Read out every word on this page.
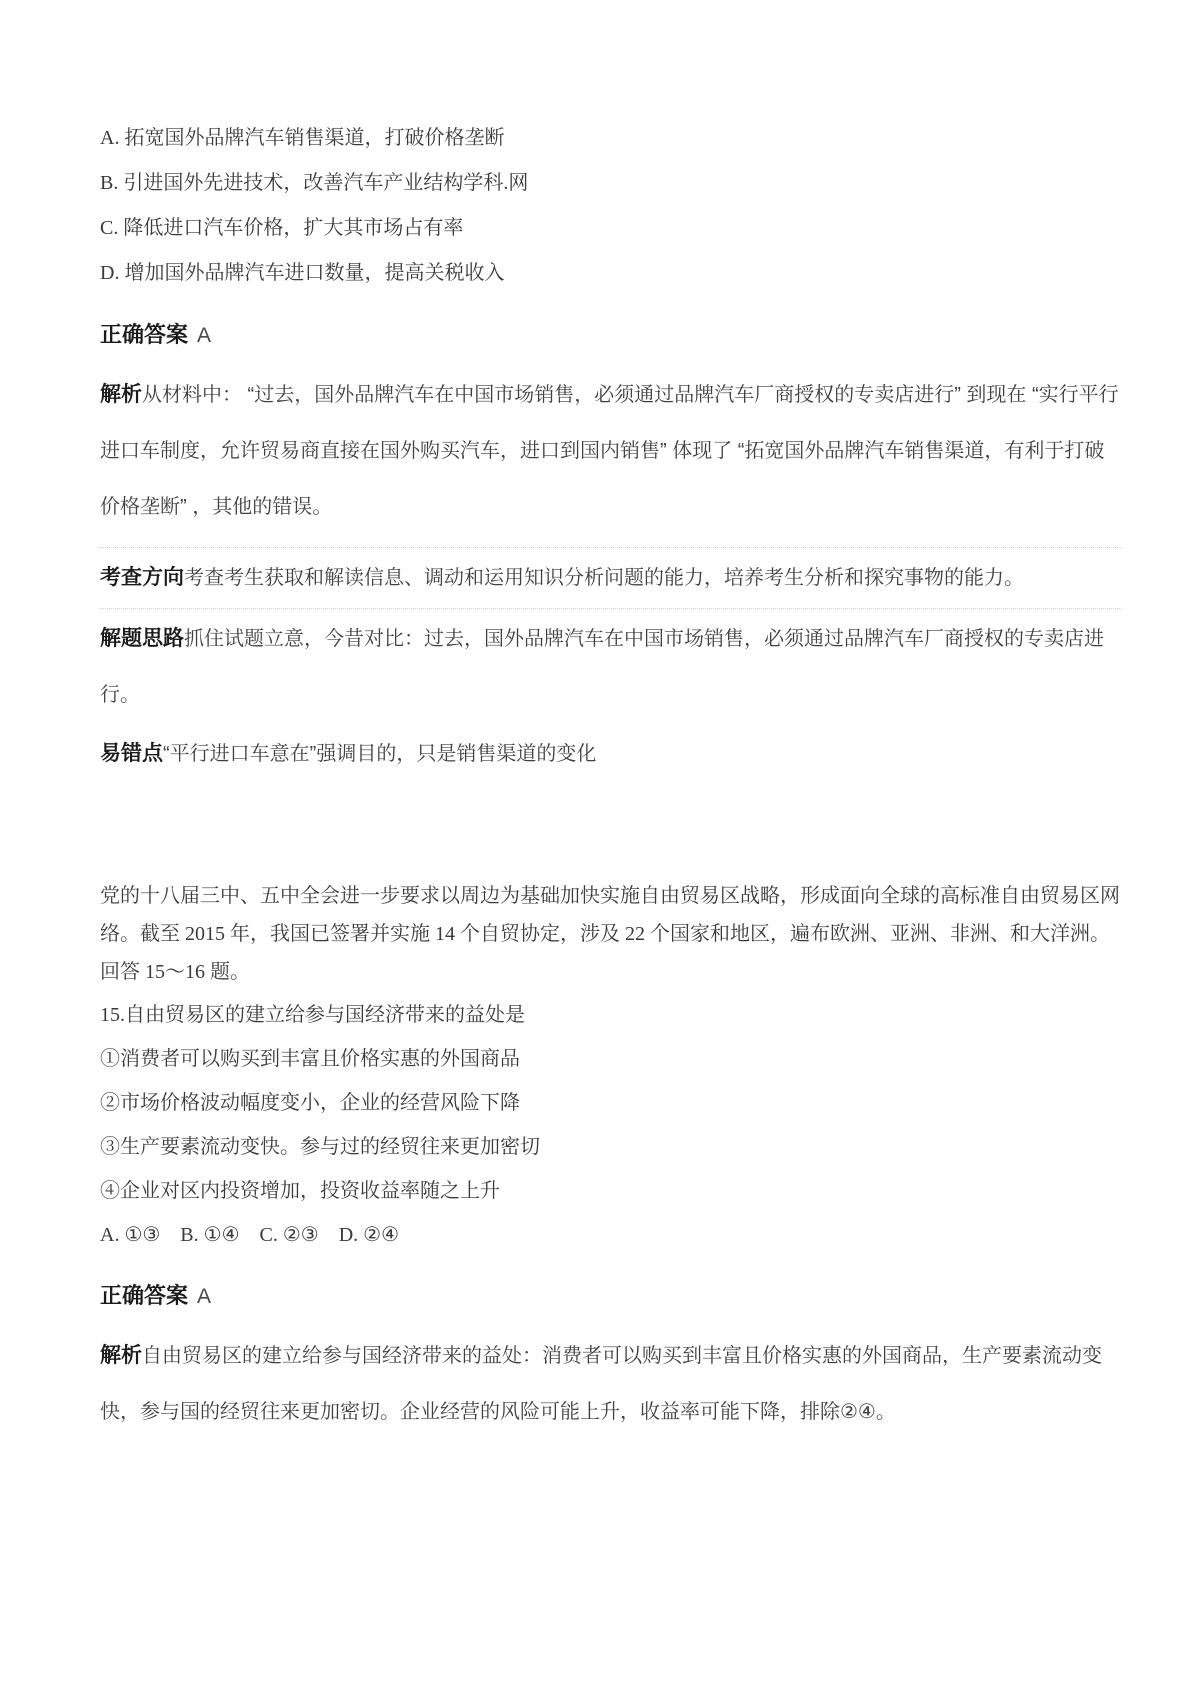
A. 拓宽国外品牌汽车销售渠道，打破价格垄断

B. 引进国外先进技术，改善汽车产业结构学科.网

C. 降低进口汽车价格，扩大其市场占有率

D. 增加国外品牌汽车进口数量，提高关税收入

正确答案 A

解析从材料中： “过去，国外品牌汽车在中国市场销售，必须通过品牌汽车厂商授权的专卖店进行” 到现在 “实行平行进口车制度，允许贸易商直接在国外购买汽车，进口到国内销售” 体现了 “拓宽国外品牌汽车销售渠道，有利于打破价格垄断” ，其他的错误。

考查方向考查考生获取和解读信息、调动和运用知识分析问题的能力，培养考生分析和探究事物的能力。

解题思路抓住试题立意，今昔对比：过去，国外品牌汽车在中国市场销售，必须通过品牌汽车厂商授权的专卖店进行。

易错点“平行进口车意在”强调目的，只是销售渠道的变化

党的十八届三中、五中全会进一步要求以周边为基础加快实施自由贸易区战略，形成面向全球的高标准自由贸易区网络。截至 2015 年，我国已签署并实施 14 个自贸协定，涉及 22 个国家和地区，遍布欧洲、亚洲、非洲、和大洋洲。回答 15～16 题。

15.自由贸易区的建立给参与国经济带来的益处是

①消费者可以购买到丰富且价格实惠的外国商品

②市场价格波动幅度变小，企业的经营风险下降

③生产要素流动变快。参与过的经贸往来更加密切

④企业对区内投资增加，投资收益率随之上升

A. ①③    B. ①④    C. ②③    D. ②④

正确答案 A

解析自由贸易区的建立给参与国经济带来的益处：消费者可以购买到丰富且价格实惠的外国商品，生产要素流动变快，参与国的经贸往来更加密切。企业经营的风险可能上升，收益率可能下降，排除②④。
